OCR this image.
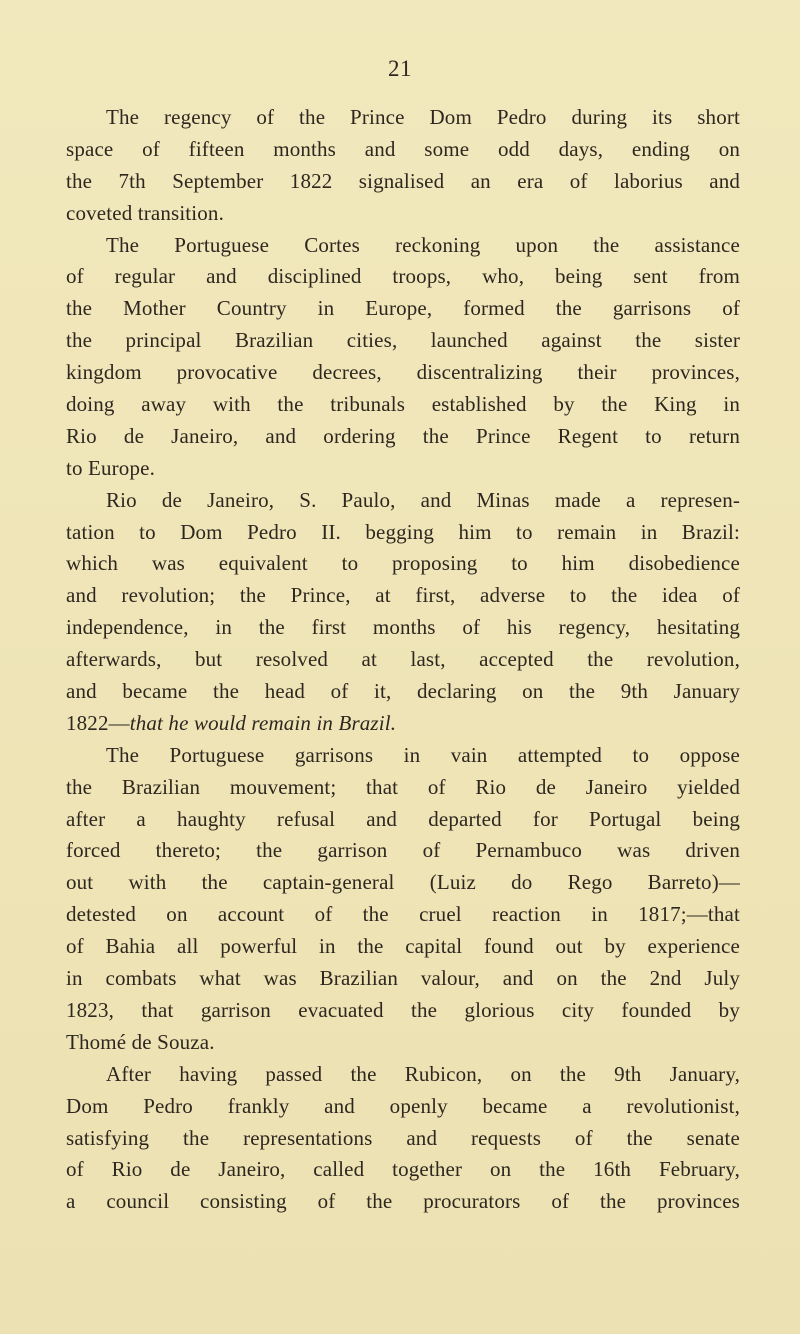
21
The regency of the Prince Dom Pedro during its short
space of fifteen months and some odd days, ending on
the 7th September 1822 signalised an era of laborius and
coveted transition.
The Portuguese Cortes reckoning upon the assistance
of regular and disciplined troops, who, being sent from
the Mother Country in Europe, formed the garrisons of
the principal Brazilian cities, launched against the sister
kingdom provocative decrees, discentralizing their provinces,
doing away with the tribunals established by the King in
Rio de Janeiro, and ordering the Prince Regent to return
to Europe.
Rio de Janeiro, S. Paulo, and Minas made a represen-
tation to Dom Pedro II. begging him to remain in Brazil:
which was equivalent to proposing to him disobedience
and revolution; the Prince, at first, adverse to the idea of
independence, in the first months of his regency, hesitating
afterwards, but resolved at last, accepted the revolution,
and became the head of it, declaring on the 9th January
1822—that he would remain in Brazil.
The Portuguese garrisons in vain attempted to oppose
the Brazilian mouvement; that of Rio de Janeiro yielded
after a haughty refusal and departed for Portugal being
forced thereto; the garrison of Pernambuco was driven
out with the captain-general (Luiz do Rego Barreto)—
detested on account of the cruel reaction in 1817;—that
of Bahia all powerful in the capital found out by experience
in combats what was Brazilian valour, and on the 2nd July
1823, that garrison evacuated the glorious city founded by
Thomé de Souza.
After having passed the Rubicon, on the 9th January,
Dom Pedro frankly and openly became a revolutionist,
satisfying the representations and requests of the senate
of Rio de Janeiro, called together on the 16th February,
a council consisting of the procurators of the provinces
